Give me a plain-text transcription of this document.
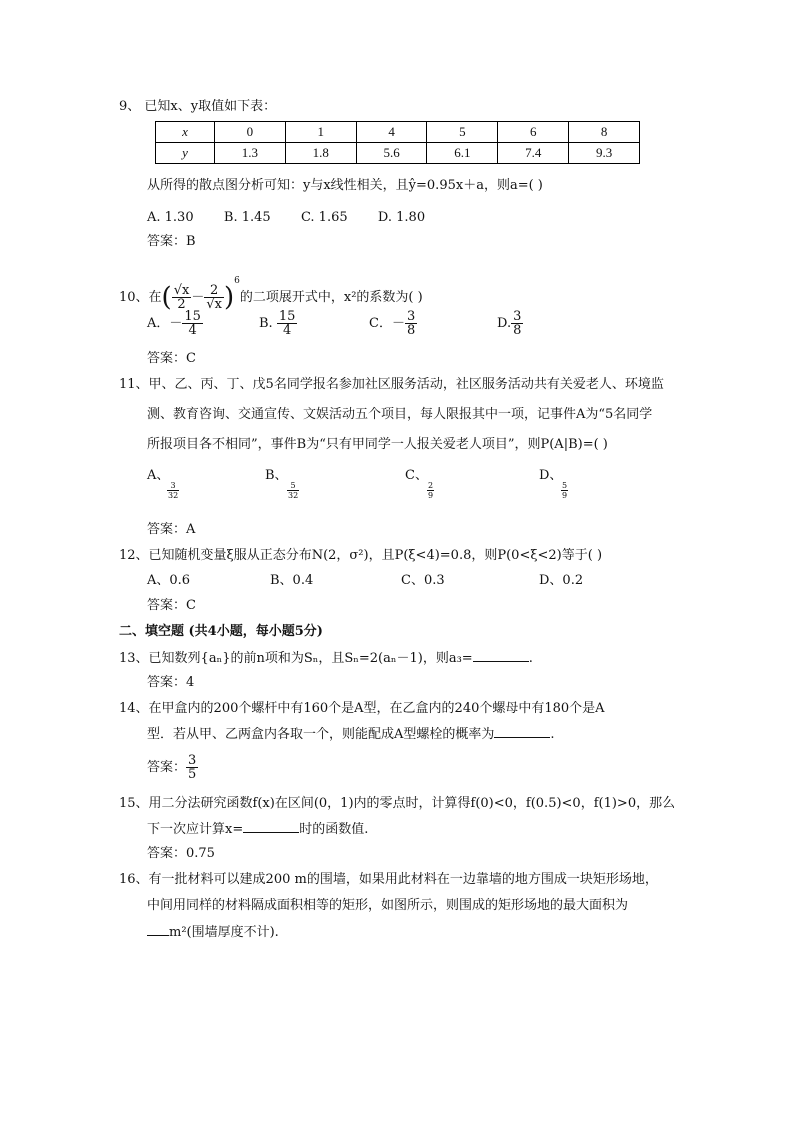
9、 已知x、y取值如下表：
x	0	1	4	5	6	8
y	1.3	1.8	5.6	6.1	7.4	9.3
从所得的散点图分析可知：y与x线性相关，且ŷ=0.95x＋a，则a=( )
A. 1.30 B. 1.45 C. 1.65 D. 1.80
答案：B
10、在( $\frac{√x}{2} - \frac{2}{√x} )^6$的二项展开式中，x²的系数为( )
A．－ $\frac{15}{4}$	B. $\frac{15}{4}$	C．－ $\frac{3}{8}$	D. $\frac{3}{8}$
答案：C
11、甲、乙、丙、丁、戊5名同学报名参加社区服务活动，社区服务活动共有关爱老人、环境监
测、教育咨询、交通宣传、文娱活动五个项目，每人限报其中一项，记事件A为“5名同学
所报项目各不相同”，事件B为“只有甲同学一人报关爱老人项目”，则P(A|B)=( )
A、
3
32
B、
5
32
C、
2
9
D、
5
9
答案：A
12、已知随机变量ξ服从正态分布N(2，σ²)，且P(ξ<4)=0.8，则P(0<ξ<2)等于( )
A、0.6	B、0.4	C、0.3	D、0.2
答案：C
二、填空题 (共4小题，每小题5分)
13、已知数列{aₙ}的前n项和为Sₙ，且Sₙ=2(aₙ－1)，则a₃=	.
答案：4
14、在甲盒内的200个螺杆中有160个是A型，在乙盒内的240个螺母中有180个是A
型．若从甲、乙两盒内各取一个，则能配成A型螺栓的概率为	.
答案： $\frac{3}{5}$
15、用二分法研究函数f(x)在区间(0，1)内的零点时，计算得f(0)<0，f(0.5)<0，f(1)>0，那么
下一次应计算x=	时的函数值.
答案：0.75
16、有一批材料可以建成200 m的围墙，如果用此材料在一边靠墙的地方围成一块矩形场地，
中间用同样的材料隔成面积相等的矩形，如图所示，则围成的矩形场地的最大面积为
m²(围墙厚度不计).
